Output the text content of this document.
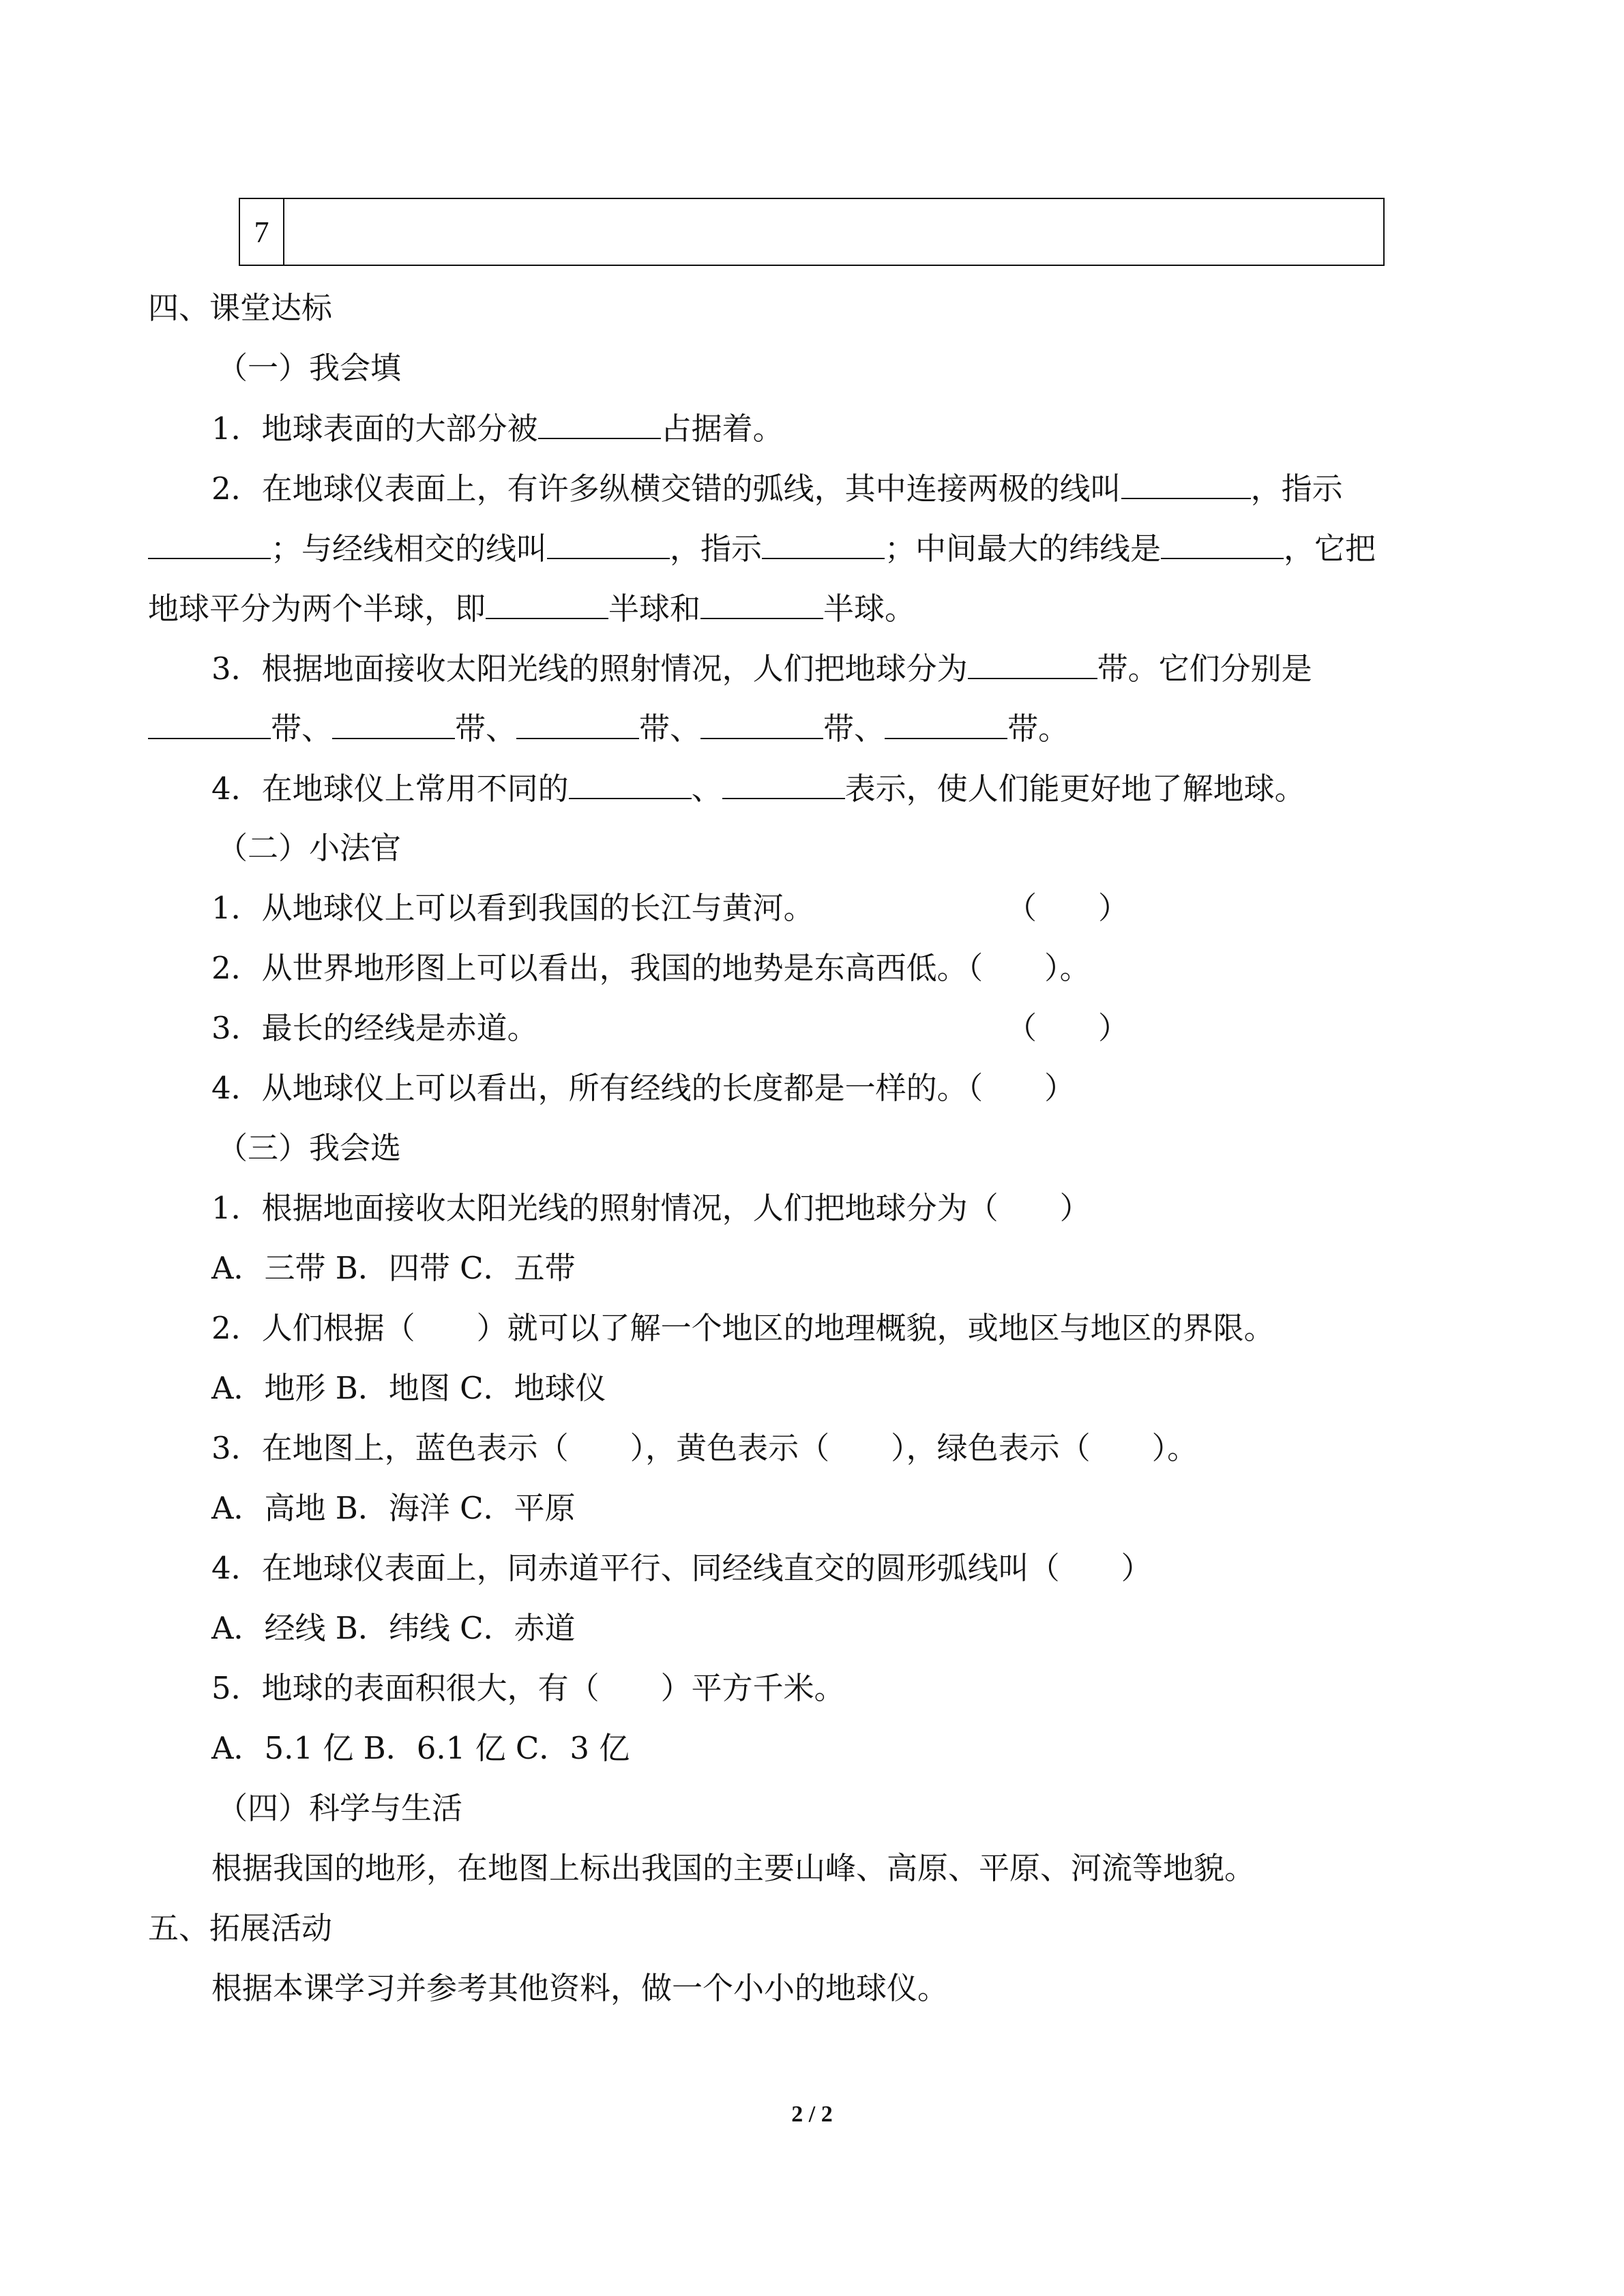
7

四、课堂达标

（一）我会填

1．地球表面的大部分被	占据着。

2．在地球仪表面上，有许多纵横交错的弧线，其中连接两极的线叫	，指示

；与经线相交的线叫	，指示	；中间最大的纬线是	，它把

地球平分为两个半球，即	半球和	半球。

3．根据地面接收太阳光线的照射情况，人们把地球分为	带。它们分别是

带、	带、	带、	带、	带。

4．在地球仪上常用不同的	、	表示，使人们能更好地了解地球。

（二）小法官

1．从地球仪上可以看到我国的长江与黄河。	（　　）

2．从世界地形图上可以看出，我国的地势是东高西低。（　　）。

3．最长的经线是赤道。	（　　）

4．从地球仪上可以看出，所有经线的长度都是一样的。（　　）

（三）我会选

1．根据地面接收太阳光线的照射情况，人们把地球分为（　　）

A．三带 B．四带 C．五带

2．人们根据（　　）就可以了解一个地区的地理概貌，或地区与地区的界限。

A．地形 B．地图 C．地球仪

3．在地图上，蓝色表示（　　），黄色表示（　　），绿色表示（　　）。

A．高地 B．海洋 C．平原

4．在地球仪表面上，同赤道平行、同经线直交的圆形弧线叫（　　）

A．经线 B．纬线 C．赤道

5．地球的表面积很大，有（　　）平方千米。

A．5.1 亿 B．6.1 亿 C．3 亿

（四）科学与生活

根据我国的地形，在地图上标出我国的主要山峰、高原、平原、河流等地貌。

五、拓展活动

根据本课学习并参考其他资料，做一个小小的地球仪。

2 / 2
